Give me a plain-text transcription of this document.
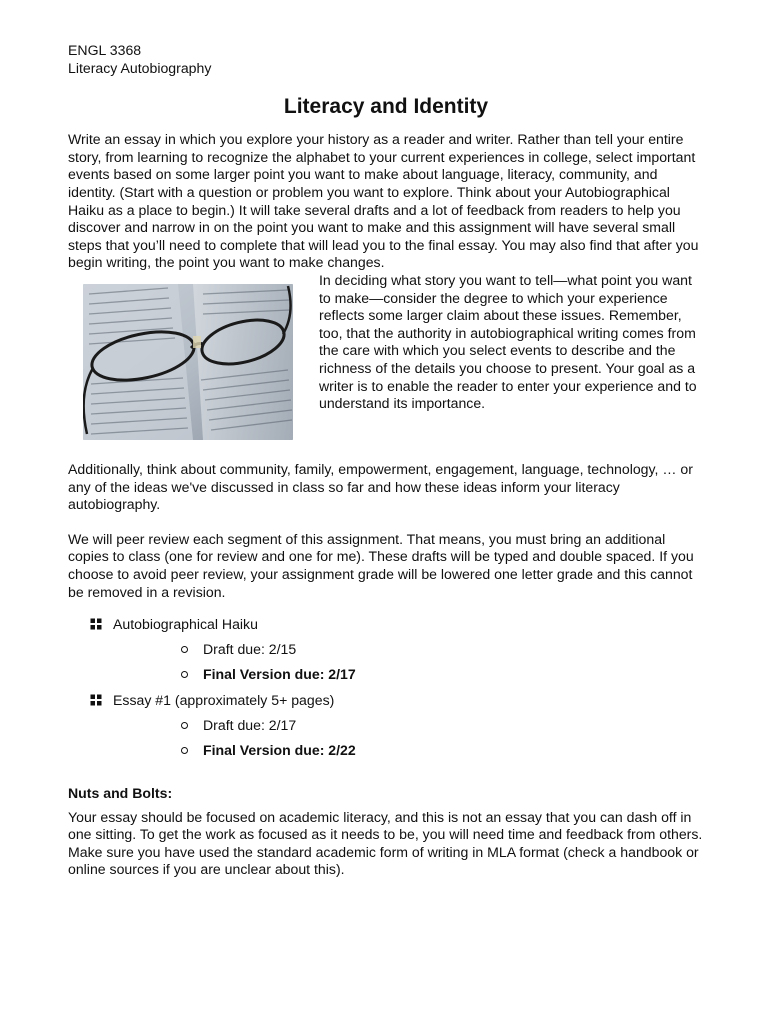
ENGL 3368

Literacy Autobiography

Literacy and Identity

Write an essay in which you explore your history as a reader and writer. Rather than tell your entire story, from learning to recognize the alphabet to your current experiences in college, select important events based on some larger point you want to make about language, literacy, community, and identity. (Start with a question or problem you want to explore. Think about your Autobiographical Haiku as a place to begin.) It will take several drafts and a lot of feedback from readers to help you discover and narrow in on the point you want to make and this assignment will have several small steps that you’ll need to complete that will lead you to the final essay. You may also find that after you begin writing, the point you want to make changes.

In deciding what story you want to tell—what point you want to make—consider the degree to which your experience reflects some larger claim about these issues. Remember, too, that the authority in autobiographical writing comes from the care with which you select events to describe and the richness of the details you choose to present. Your goal as a writer is to enable the reader to enter your experience and to understand its importance.

Additionally, think about community, family, empowerment, engagement, language, technology, … or any of the ideas we've discussed in class so far and how these ideas inform your literacy autobiography.

We will peer review each segment of this assignment. That means, you must bring an additional copies to class (one for review and one for me). These drafts will be typed and double spaced. If you choose to avoid peer review, your assignment grade will be lowered one letter grade and this cannot be removed in a revision.

Autobiographical Haiku
Draft due: 2/15
Final Version due: 2/17
Essay #1 (approximately 5+ pages)
Draft due: 2/17
Final Version due: 2/22

Nuts and Bolts:

Your essay should be focused on academic literacy, and this is not an essay that you can dash off in one sitting. To get the work as focused as it needs to be, you will need time and feedback from others. Make sure you have used the standard academic form of writing in MLA format (check a handbook or online sources if you are unclear about this).
